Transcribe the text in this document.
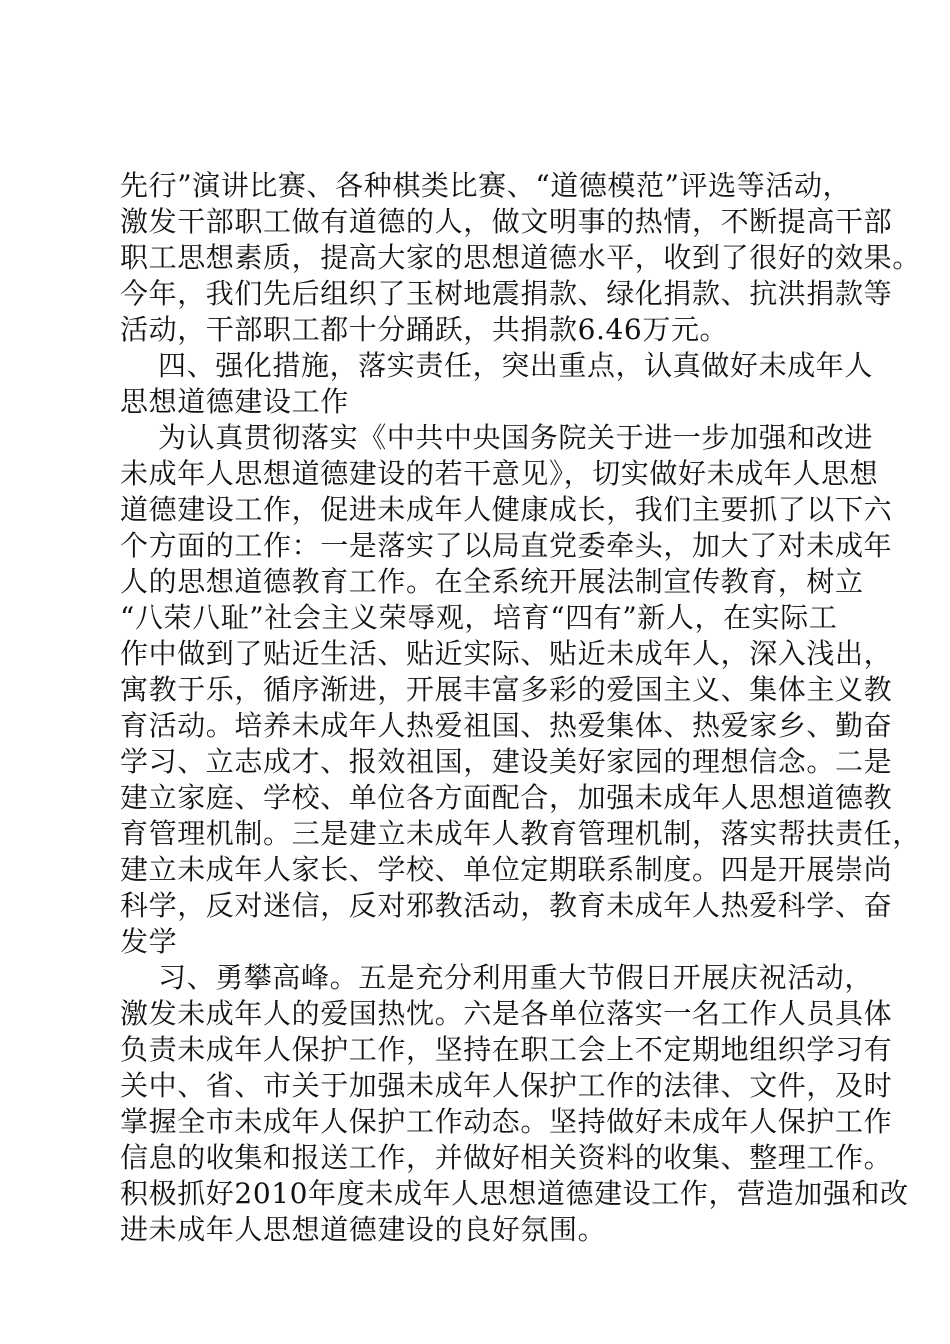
先行”演讲比赛、各种棋类比赛、“道德模范”评选等活动，
激发干部职工做有道德的人，做文明事的热情，不断提高干部
职工思想素质，提高大家的思想道德水平，收到了很好的效果。
今年，我们先后组织了玉树地震捐款、绿化捐款、抗洪捐款等
活动，干部职工都十分踊跃，共捐款6.46万元。
四、强化措施，落实责任，突出重点，认真做好未成年人
思想道德建设工作
为认真贯彻落实《中共中央国务院关于进一步加强和改进
未成年人思想道德建设的若干意见》，切实做好未成年人思想
道德建设工作，促进未成年人健康成长，我们主要抓了以下六
个方面的工作：一是落实了以局直党委牵头，加大了对未成年
人的思想道德教育工作。在全系统开展法制宣传教育，树立
“八荣八耻”社会主义荣辱观，培育“四有”新人，在实际工
作中做到了贴近生活、贴近实际、贴近未成年人，深入浅出，
寓教于乐，循序渐进，开展丰富多彩的爱国主义、集体主义教
育活动。培养未成年人热爱祖国、热爱集体、热爱家乡、勤奋
学习、立志成才、报效祖国，建设美好家园的理想信念。二是
建立家庭、学校、单位各方面配合，加强未成年人思想道德教
育管理机制。三是建立未成年人教育管理机制，落实帮扶责任，
建立未成年人家长、学校、单位定期联系制度。四是开展崇尚
科学，反对迷信，反对邪教活动，教育未成年人热爱科学、奋
发学
习、勇攀高峰。五是充分利用重大节假日开展庆祝活动，
激发未成年人的爱国热忱。六是各单位落实一名工作人员具体
负责未成年人保护工作，坚持在职工会上不定期地组织学习有
关中、省、市关于加强未成年人保护工作的法律、文件，及时
掌握全市未成年人保护工作动态。坚持做好未成年人保护工作
信息的收集和报送工作，并做好相关资料的收集、整理工作。
积极抓好2010年度未成年人思想道德建设工作，营造加强和改
进未成年人思想道德建设的良好氛围。
